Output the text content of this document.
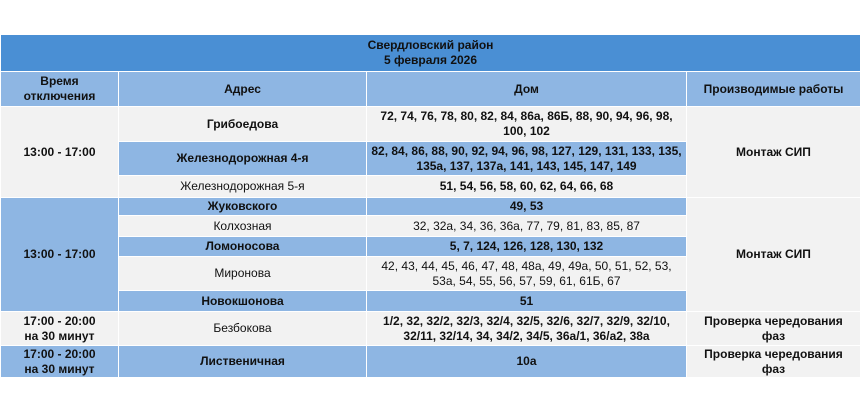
Свердловский район
5 февраля 2026			

Время отключения	Адрес	Дом	Производимые работы
13:00 - 17:00	Грибоедова	72, 74, 76, 78, 80, 82, 84, 86а, 86Б, 88, 90, 94, 96, 98, 100, 102	Монтаж СИП
	Железнодорожная 4-я	82, 84, 86, 88, 90, 92, 94, 96, 98, 127, 129, 131, 133, 135, 135а, 137, 137а, 141, 143, 145, 147, 149	
	Железнодорожная 5-я	51, 54, 56, 58, 60, 62, 64, 66, 68	
13:00 - 17:00	Жуковского	49, 53	Монтаж СИП
	Колхозная	32, 32а, 34, 36, 36а, 77, 79, 81, 83, 85, 87	
	Ломоносова	5, 7, 124, 126, 128, 130, 132	
	Миронова	42, 43, 44, 45, 46, 47, 48, 48а, 49, 49а, 50, 51, 52, 53, 53а, 54, 55, 56, 57, 59, 61, 61Б, 67	
	Новокшонова	51	

17:00 - 20:00
на 30 минут	Безбокова	1/2, 32, 32/2, 32/3, 32/4, 32/5, 32/6, 32/7, 32/9, 32/10, 32/11, 32/14, 34, 34/2, 34/5, 36а/1, 36/а2, 38а	Проверка чередования фаз

17:00 - 20:00
на 30 минут	Лиственичная	10а	Проверка чередования фаз
